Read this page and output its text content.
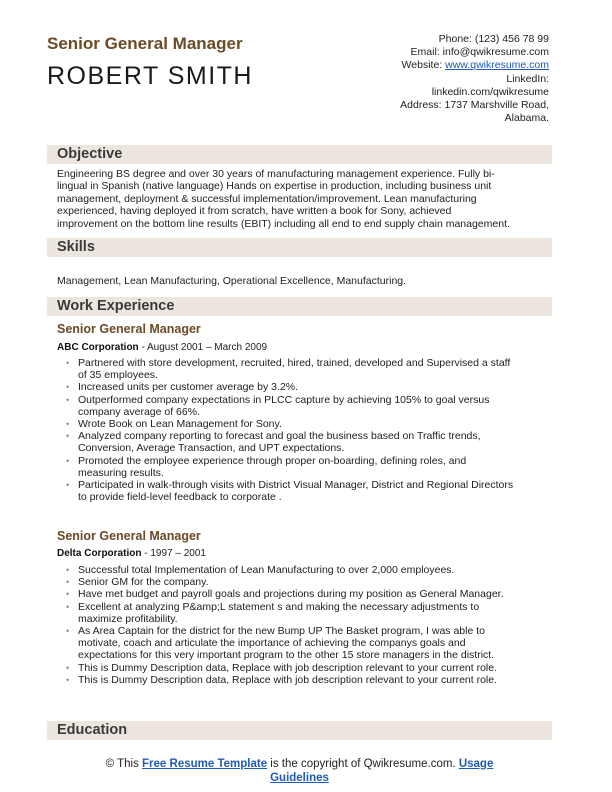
Senior General Manager
ROBERT SMITH
Phone: (123) 456 78 99
Email: info@qwikresume.com
Website: www.qwikresume.com
LinkedIn:
linkedin.com/qwikresume
Address: 1737 Marshville Road,
Alabama.
Objective
Engineering BS degree and over 30 years of manufacturing management experience. Fully bi-
lingual in Spanish (native language) Hands on expertise in production, including business unit
management, deployment & successful implementation/improvement. Lean manufacturing
experienced, having deployed it from scratch, have written a book for Sony, achieved
improvement on the bottom line results (EBIT) including all end to end supply chain management.
Skills
Management, Lean Manufacturing, Operational Excellence, Manufacturing.
Work Experience
Senior General Manager
ABC Corporation - August 2001 – March 2009
• Partnered with store development, recruited, hired, trained, developed and Supervised a staff
of 35 employees.
• Increased units per customer average by 3.2%.
• Outperformed company expectations in PLCC capture by achieving 105% to goal versus
company average of 66%.
• Wrote Book on Lean Management for Sony.
• Analyzed company reporting to forecast and goal the business based on Traffic trends,
Conversion, Average Transaction, and UPT expectations.
• Promoted the employee experience through proper on-boarding, defining roles, and
measuring results.
• Participated in walk-through visits with District Visual Manager, District and Regional Directors
to provide field-level feedback to corporate .
Senior General Manager
Delta Corporation - 1997 – 2001
• Successful total Implementation of Lean Manufacturing to over 2,000 employees.
• Senior GM for the company.
• Have met budget and payroll goals and projections during my position as General Manager.
• Excellent at analyzing P&amp;L statement s and making the necessary adjustments to
maximize profitability.
• As Area Captain for the district for the new Bump UP The Basket program, I was able to
motivate, coach and articulate the importance of achieving the companys goals and
expectations for this very important program to the other 15 store managers in the district.
• This is Dummy Description data, Replace with job description relevant to your current role.
• This is Dummy Description data, Replace with job description relevant to your current role.
Education
© This Free Resume Template is the copyright of Qwikresume.com. Usage
Guidelines
